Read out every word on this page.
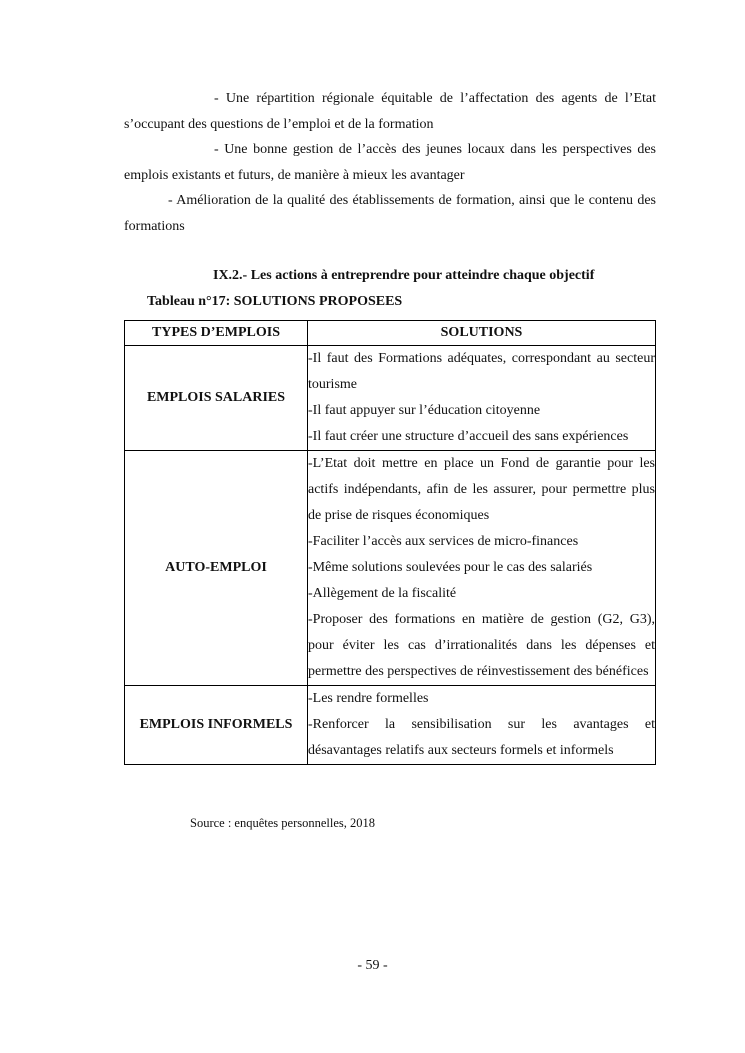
- Une répartition régionale équitable de l’affectation des agents de l’Etat s’occupant des questions de l’emploi et de la formation

- Une bonne gestion de l’accès des jeunes locaux dans les perspectives des emplois existants et futurs, de manière à mieux les avantager

- Amélioration de la qualité des établissements de formation, ainsi que le contenu des formations

IX.2.- Les actions à entreprendre pour atteindre chaque objectif
Tableau n°17: SOLUTIONS PROPOSEES
TYPES D’EMPLOIS	SOLUTIONS
EMPLOIS SALARIES	-Il faut des Formations adéquates, correspondant au secteur tourisme
-Il faut appuyer sur l’éducation citoyenne
-Il faut créer une structure d’accueil des sans expériences

AUTO-EMPLOI	-L’Etat doit mettre en place un Fond de garantie pour les actifs indépendants, afin de les assurer, pour permettre plus de prise de risques économiques
-Faciliter l’accès aux services de micro-finances
-Même solutions soulevées pour le cas des salariés
-Allègement de la fiscalité
-Proposer des formations en matière de gestion (G2, G3), pour éviter les cas d’irrationalités dans les dépenses et permettre des perspectives de réinvestissement des bénéfices

EMPLOIS INFORMELS	-Les rendre formelles
-Renforcer la sensibilisation sur les avantages et désavantages relatifs aux secteurs formels et informels
Source : enquêtes personnelles, 2018
- 59 -
